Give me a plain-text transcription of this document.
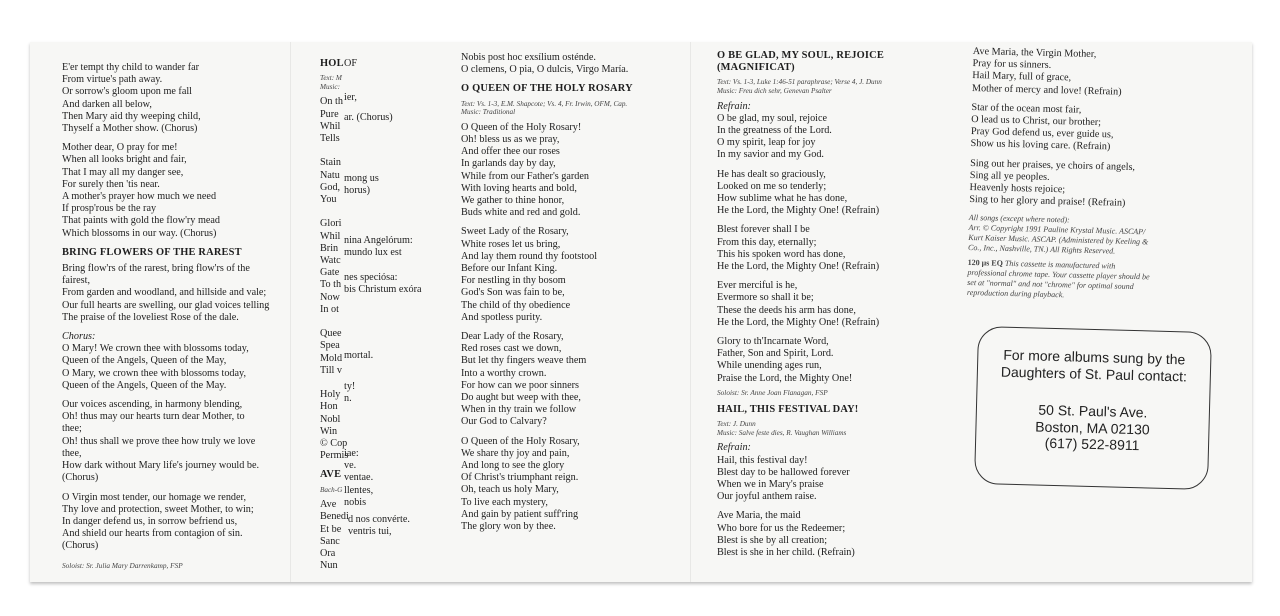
E'er tempt thy child to wander far
From virtue's path away.
Or sorrow's gloom upon me fall
And darken all below,
Then Mary aid thy weeping child,
Thyself a Mother show. (Chorus)

Mother dear, O pray for me!
When all looks bright and fair,
That I may all my danger see,
For surely then 'tis near.
A mother's prayer how much we need
If prosp'rous be the ray
That paints with gold the flow'ry mead
Which blossoms in our way. (Chorus)

BRING FLOWERS OF THE RAREST

Bring flow'rs of the rarest, bring flow'rs of the
fairest,
From garden and woodland, and hillside and vale;
Our full hearts are swelling, our glad voices telling
The praise of the loveliest Rose of the dale.

Chorus:

O Mary! We crown thee with blossoms today,
Queen of the Angels, Queen of the May,
O Mary, we crown thee with blossoms today,
Queen of the Angels, Queen of the May.

Our voices ascending, in harmony blending,
Oh! thus may our hearts turn dear Mother, to
thee;
Oh! thus shall we prove thee how truly we love
thee,
How dark without Mary life's journey would be.
(Chorus)

O Virgin most tender, our homage we render,
Thy love and protection, sweet Mother, to win;
In danger defend us, in sorrow befriend us,
And shield our hearts from contagion of sin.
(Chorus)

Soloist: Sr. Julia Mary Darrenkamp, FSP

HOL

Text: M
Music:

On th
Pure
Whil
Tells

Stain
Natu
God,
You

Glori
Whil
Brin
Watc
Gate
To th
Now
In ot

Quee
Spea
Mold
Till v

Holy
Hon
Nobl
Win
© Cop
Permis

AVE

Bach-G

Ave
Benedi
Et be
Sanc
Ora
Nun

OF
ier,
ar. (Chorus)
mong us
horus)
nina Angelórum:
mundo lux est

nes speciósa:
bis Christum exóra
mortal.
ty!
n.
iae:
ve.
ventae.
llentes,
nobis
d nos convérte.
ventris tui,

Nobis post hoc exsílium osténde.
O clemens, O pia, O dulcis, Virgo María.

O QUEEN OF THE HOLY ROSARY

Text: Vs. 1-3, E.M. Shapcote; Vs. 4, Fr. Irwin, OFM, Cap.
Music: Traditional

O Queen of the Holy Rosary!
Oh! bless us as we pray,
And offer thee our roses
In garlands day by day,
While from our Father's garden
With loving hearts and bold,
We gather to thine honor,
Buds white and red and gold.

Sweet Lady of the Rosary,
White roses let us bring,
And lay them round thy footstool
Before our Infant King.
For nestling in thy bosom
God's Son was fain to be,
The child of thy obedience
And spotless purity.

Dear Lady of the Rosary,
Red roses cast we down,
But let thy fingers weave them
Into a worthy crown.
For how can we poor sinners
Do aught but weep with thee,
When in thy train we follow
Our God to Calvary?

O Queen of the Holy Rosary,
We share thy joy and pain,
And long to see the glory
Of Christ's triumphant reign.
Oh, teach us holy Mary,
To live each mystery,
And gain by patient suff'ring
The glory won by thee.

O BE GLAD, MY SOUL, REJOICE
(MAGNIFICAT)

Text: Vs. 1-3, Luke 1:46-51 paraphrase; Verse 4, J. Dunn
Music: Freu dich sehr, Genevan Psalter

Refrain:

O be glad, my soul, rejoice
In the greatness of the Lord.
O my spirit, leap for joy
In my savior and my God.

He has dealt so graciously,
Looked on me so tenderly;
How sublime what he has done,
He the Lord, the Mighty One! (Refrain)

Blest forever shall I be
From this day, eternally;
This his spoken word has done,
He the Lord, the Mighty One! (Refrain)

Ever merciful is he,
Evermore so shall it be;
These the deeds his arm has done,
He the Lord, the Mighty One! (Refrain)

Glory to th'Incarnate Word,
Father, Son and Spirit, Lord.
While unending ages run,
Praise the Lord, the Mighty One!

Soloist: Sr. Anne Joan Flanagan, FSP

HAIL, THIS FESTIVAL DAY!

Text: J. Dunn
Music: Salve feste dies, R. Vaughan Williams

Refrain:

Hail, this festival day!
Blest day to be hallowed forever
When we in Mary's praise
Our joyful anthem raise.

Ave Maria, the maid
Who bore for us the Redeemer;
Blest is she by all creation;
Blest is she in her child. (Refrain)

Ave Maria, the Virgin Mother,
Pray for us sinners.
Hail Mary, full of grace,
Mother of mercy and love! (Refrain)

Star of the ocean most fair,
O lead us to Christ, our brother;
Pray God defend us, ever guide us,
Show us his loving care. (Refrain)

Sing out her praises, ye choirs of angels,
Sing all ye peoples.
Heavenly hosts rejoice;
Sing to her glory and praise! (Refrain)

All songs (except where noted):
Arr. © Copyright 1991 Pauline Krystal Music. ASCAP/
Kurt Kaiser Music. ASCAP. (Administered by Keeling &
Co., Inc., Nashville, TN.) All Rights Reserved.

120 μs EQ This cassette is manufactured with
professional chrome tape. Your cassette player should be
set at "normal" and not "chrome" for optimal sound
reproduction during playback.

For more albums sung by the
Daughters of St. Paul contact:

50 St. Paul's Ave.

Boston, MA 02130

(617) 522-8911
